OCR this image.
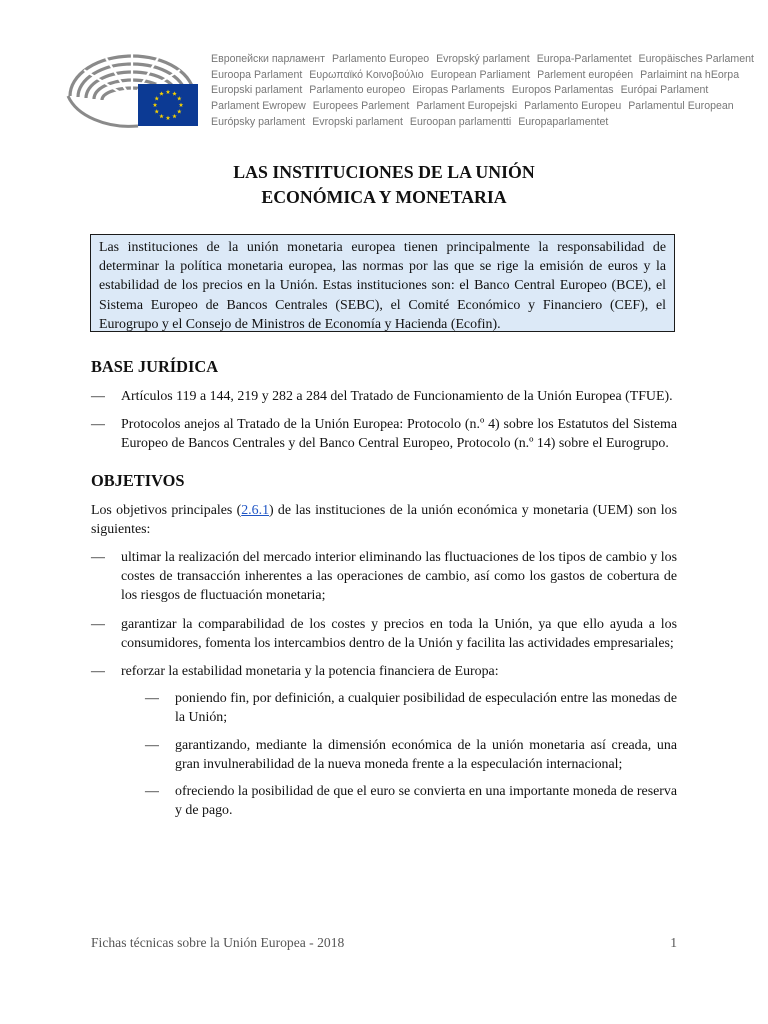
Европейски парламент Parlamento Europeo Evropský parlament Europa-Parlamentet Europäisches Parlament
Euroopa Parlament Ευρωπαϊκό Κοινοβούλιο European Parliament Parlement européen Parlaimint na hEorpa
Europski parlament Parlamento europeo Eiropas Parlaments Europos Parlamentas Európai Parlament
Parlament Ewropew Europees Parlement Parlament Europejski Parlamento Europeu Parlamentul European
Európsky parlament Evropski parlament Euroopan parlamentti Europaparlamentet
LAS INSTITUCIONES DE LA UNIÓN
ECONÓMICA Y MONETARIA
Las instituciones de la unión monetaria europea tienen principalmente la responsabilidad de determinar la política monetaria europea, las normas por las que se rige la emisión de euros y la estabilidad de los precios en la Unión. Estas instituciones son: el Banco Central Europeo (BCE), el Sistema Europeo de Bancos Centrales (SEBC), el Comité Económico y Financiero (CEF), el Eurogrupo y el Consejo de Ministros de Economía y Hacienda (Ecofin).
BASE JURÍDICA
—	Artículos 119 a 144, 219 y 282 a 284 del Tratado de Funcionamiento de la Unión Europea (TFUE).
—	Protocolos anejos al Tratado de la Unión Europea: Protocolo (n.º 4) sobre los Estatutos del Sistema Europeo de Bancos Centrales y del Banco Central Europeo, Protocolo (n.º 14) sobre el Eurogrupo.
OBJETIVOS

Los objetivos principales (2.6.1) de las instituciones de la unión económica y monetaria (UEM) son los siguientes:

—	ultimar la realización del mercado interior eliminando las fluctuaciones de los tipos de cambio y los costes de transacción inherentes a las operaciones de cambio, así como los gastos de cobertura de los riesgos de fluctuación monetaria;
—	garantizar la comparabilidad de los costes y precios en toda la Unión, ya que ello ayuda a los consumidores, fomenta los intercambios dentro de la Unión y facilita las actividades empresariales;
—	reforzar la estabilidad monetaria y la potencia financiera de Europa:
—	poniendo fin, por definición, a cualquier posibilidad de especulación entre las monedas de la Unión;
—	garantizando, mediante la dimensión económica de la unión monetaria así creada, una gran invulnerabilidad de la nueva moneda frente a la especulación internacional;
—	ofreciendo la posibilidad de que el euro se convierta en una importante moneda de reserva y de pago.
Fichas técnicas sobre la Unión Europea - 2018	1
